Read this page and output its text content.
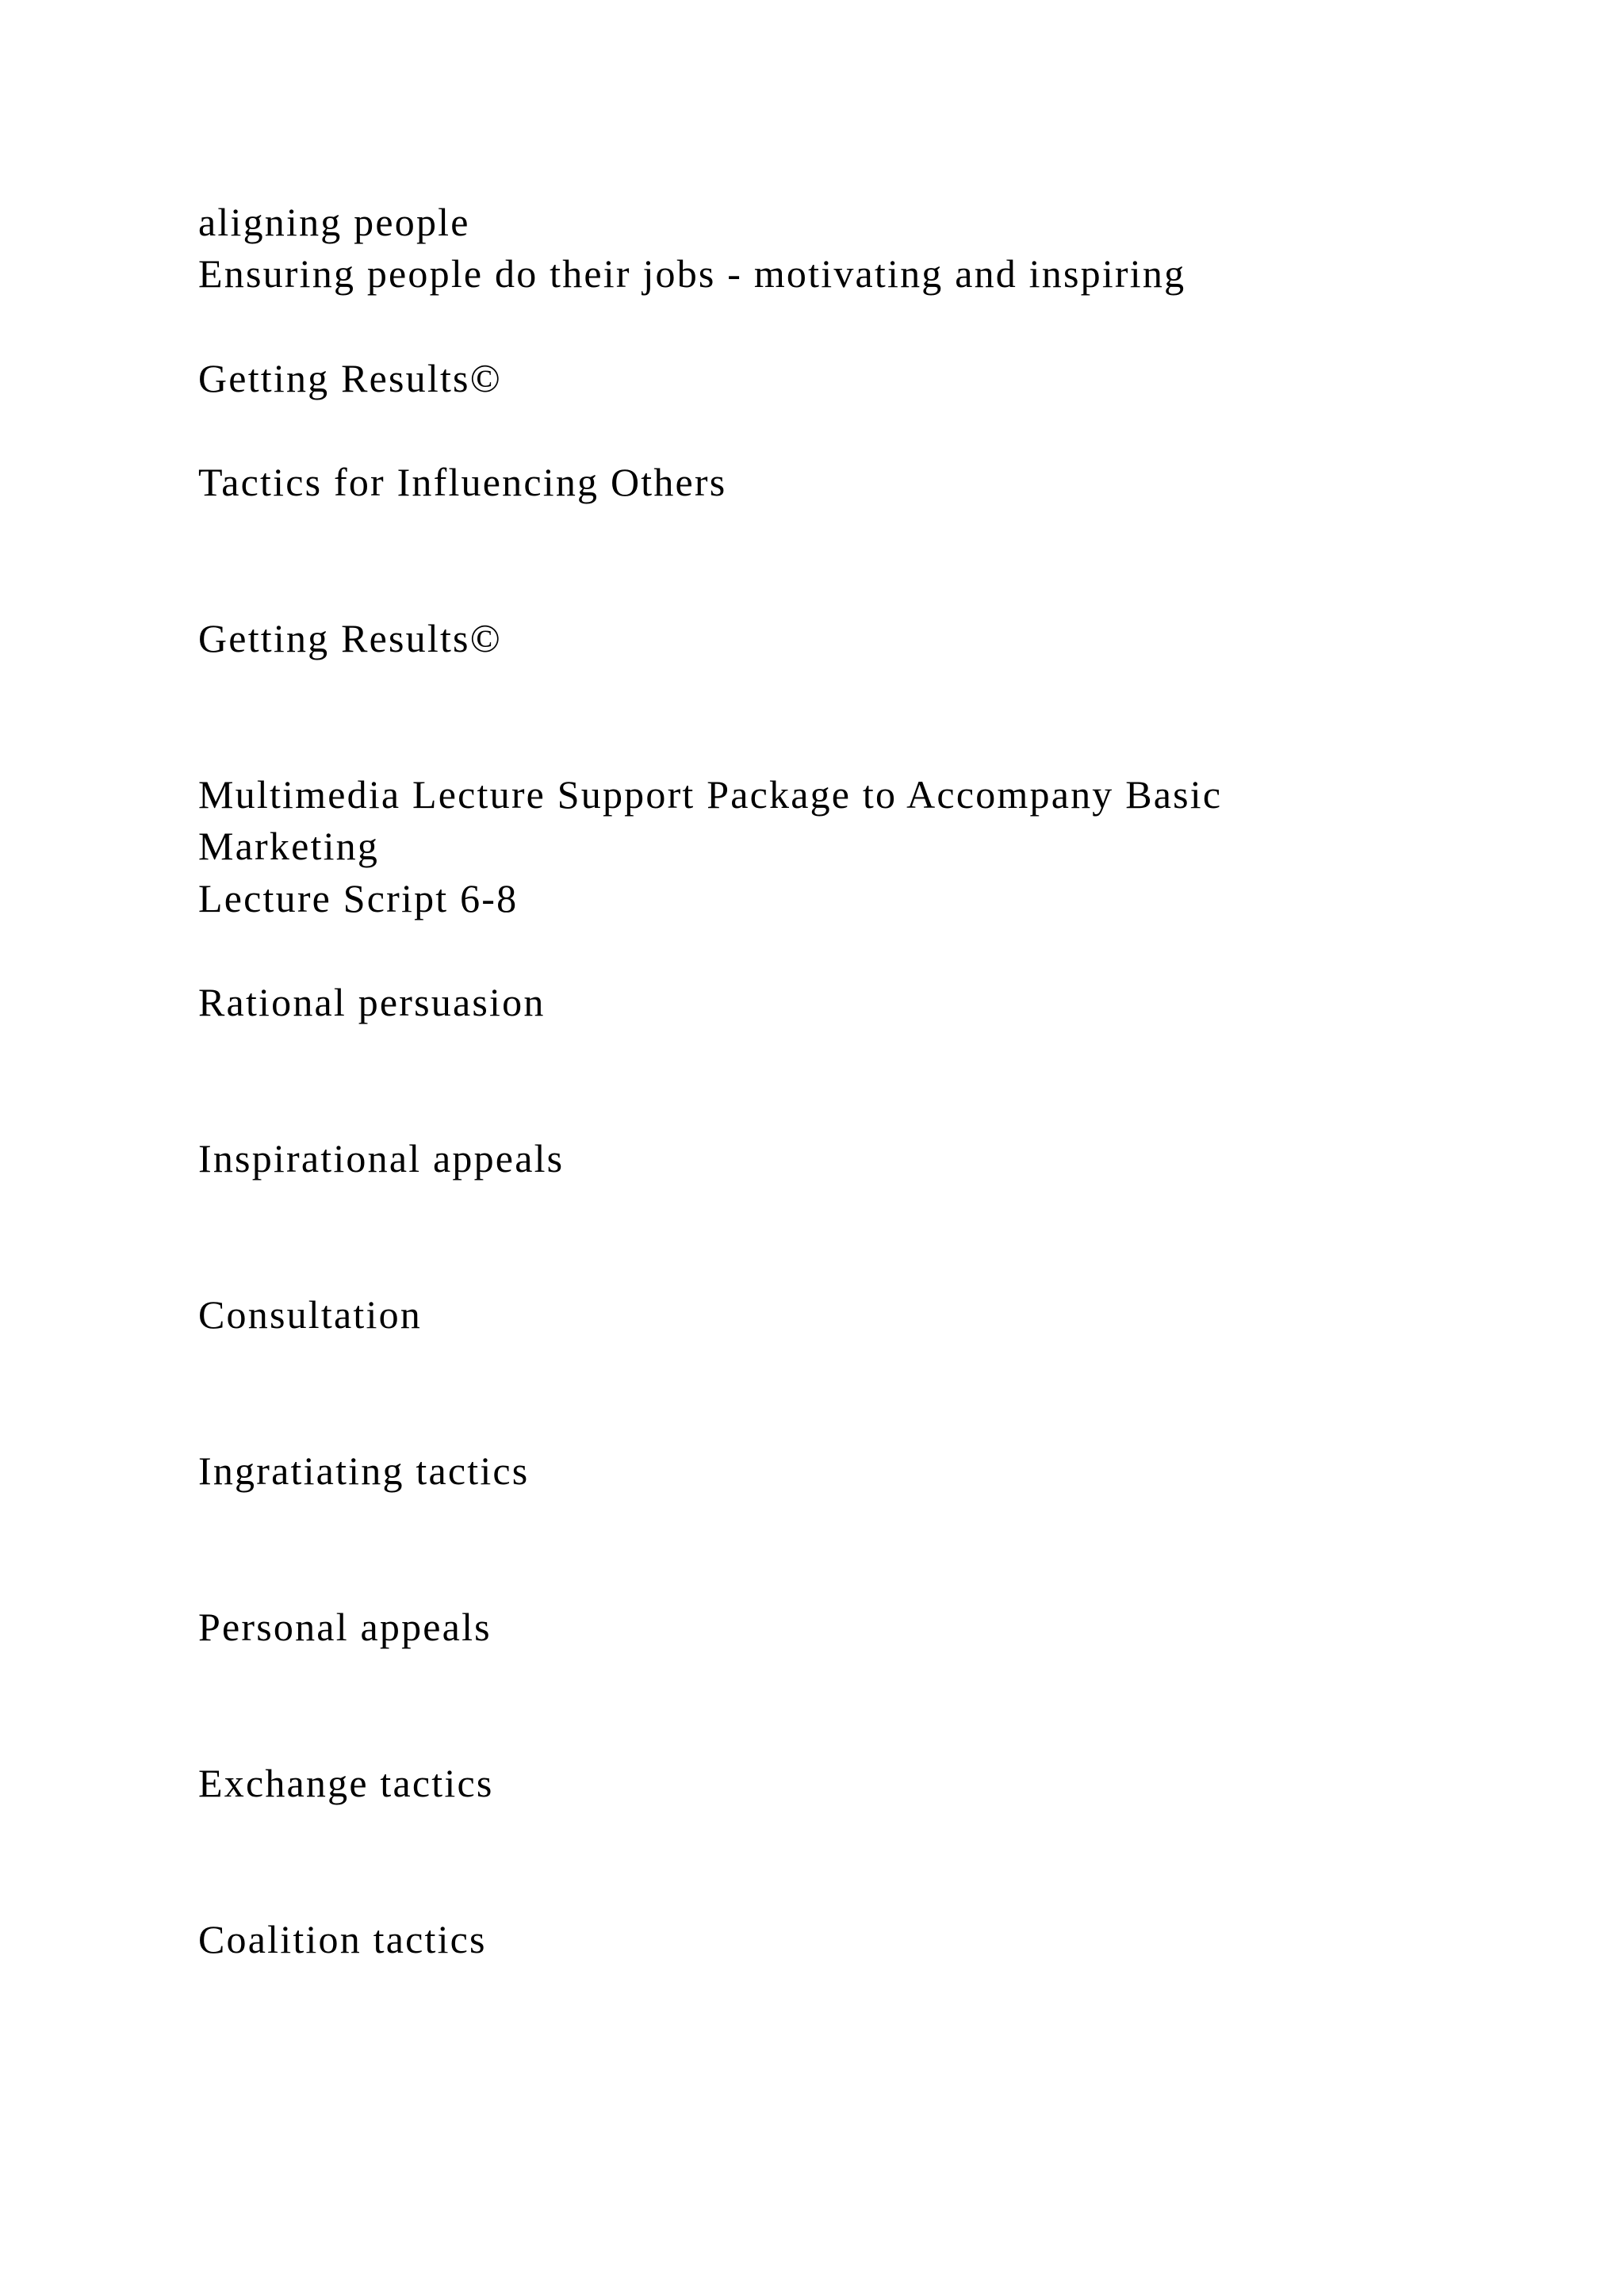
aligning people

Ensuring people do their jobs - motivating and inspiring

Getting Results©

Tactics for Influencing Others

Getting Results©

Multimedia Lecture Support Package to Accompany Basic

Marketing

Lecture Script 6-8

Rational persuasion

Inspirational appeals

Consultation

Ingratiating tactics

Personal appeals

Exchange tactics

Coalition tactics
